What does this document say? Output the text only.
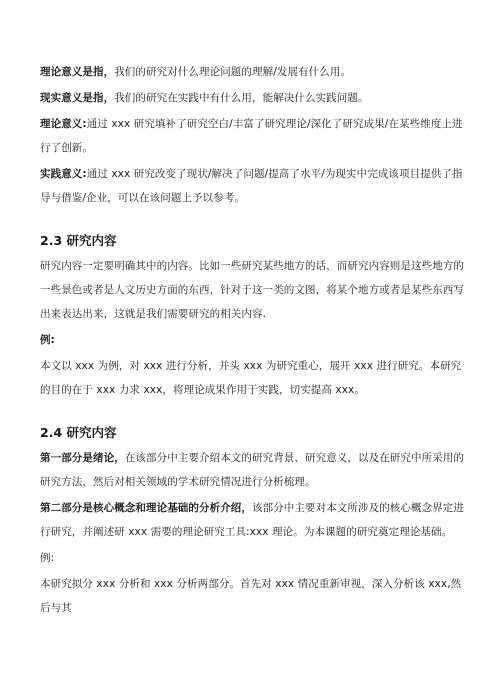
理论意义是指，我们的研究对什么理论问题的理解/发展有什么用。

现实意义是指，我们的研究在实践中有什么用，能解决什么实践问题。

理论意义:通过 xxx 研究填补了研究空白/丰富了研究理论/深化了研究成果/在某些维度上进行了创新。

实践意义:通过 xxx 研究改变了现状/解决了问题/提高了水平/为现实中完成该项目提供了指导与借鉴/企业，可以在该问题上予以参考。

2.3 研究内容

研究内容一定要明确其中的内容。比如一些研究某些地方的话，而研究内容则是这些地方的一些景色或者是人文历史方面的东西，针对于这一类的文图，将某个地方或者是某些东西写出来表达出来，这就是我们需要研究的相关内容.

例:

本文以 xxx 为例，对 xxx 进行分析，并头 xxx 为研究重心，展开 xxx 进行研究。本研究的目的在于 xxx 力求 xxx，将理论成果作用于实践，切实提高 xxx。

2.4 研究内容

第一部分是绪论，在该部分中主要介绍本文的研究背景、研究意义，以及在研究中所采用的研究方法，然后对相关领域的学术研究情况进行分析梳理。

第二部分是核心概念和理论基础的分析介绍，该部分中主要对本文所涉及的核心概念界定进行研究，并阐述研 xxx 需要的理论研究工具:xxx 理论。为本课题的研究奠定理论基础。

例:

本研究拟分 xxx 分析和 xxx 分析两部分。首先对 xxx 情况重新审视，深入分析该 xxx,然后与其
